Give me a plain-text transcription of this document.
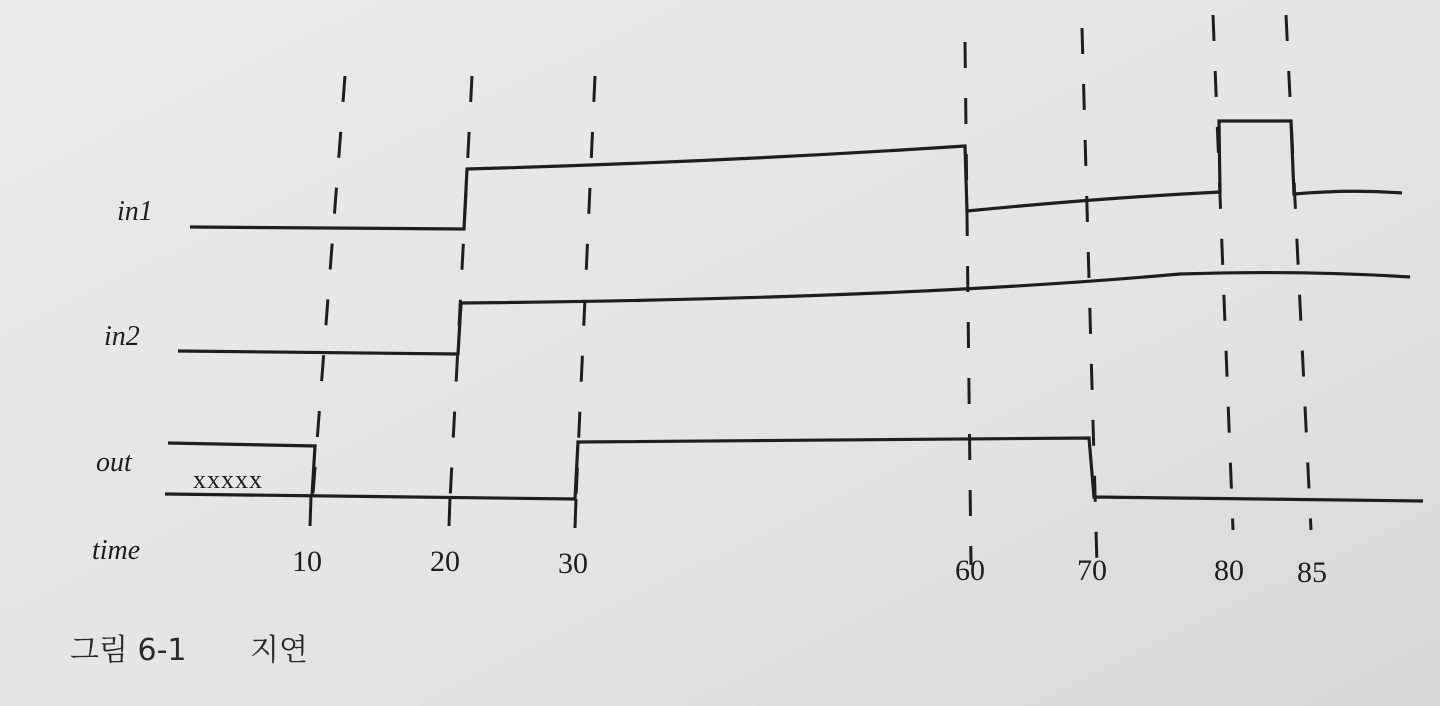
in1
in2
out
time
xxxxx
10	20	30	60	70	80 85
그림 6-1 지연
